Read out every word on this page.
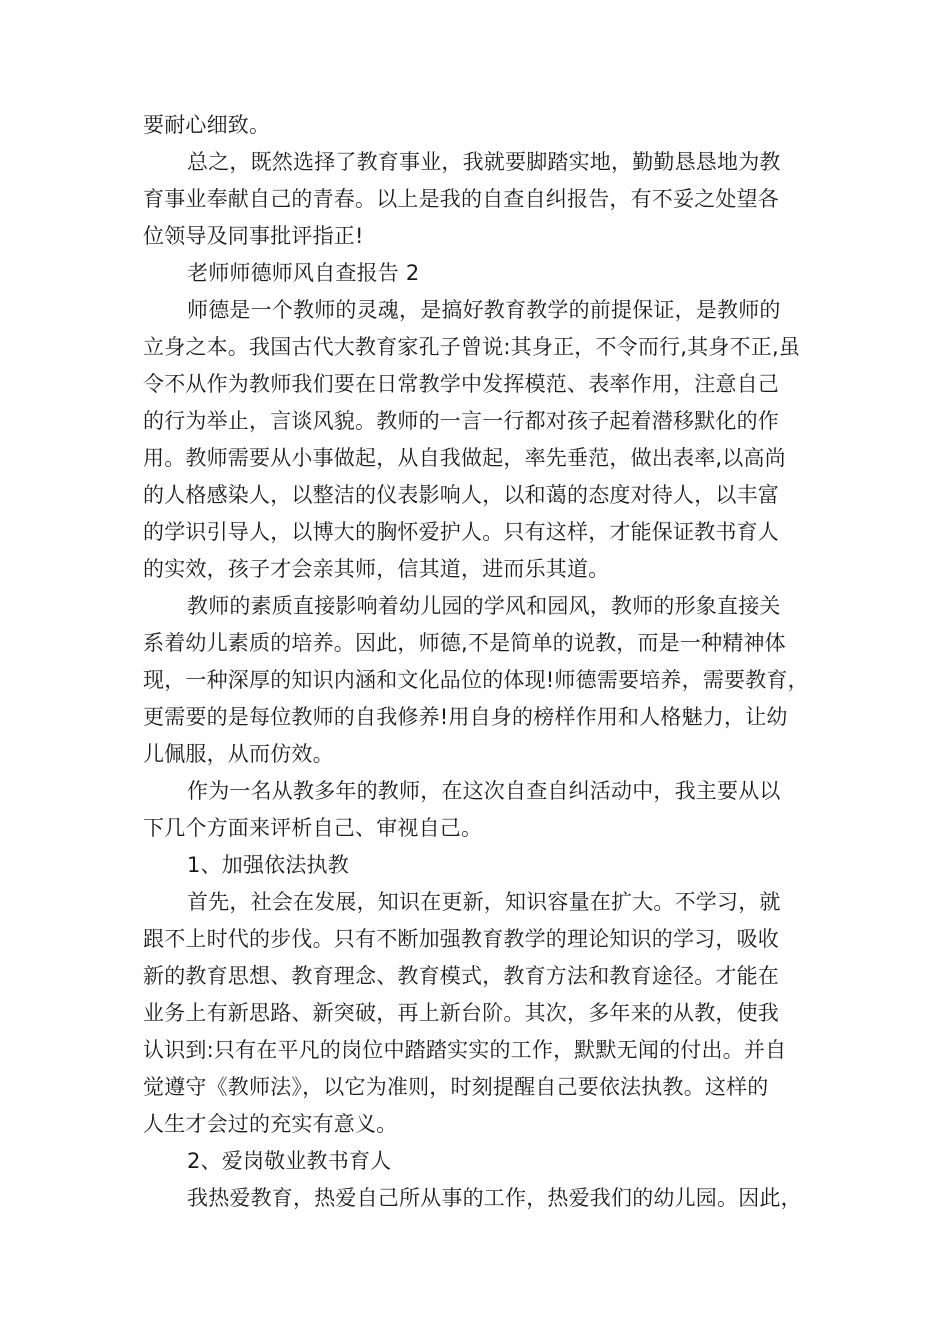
要耐心细致。
总之，既然选择了教育事业，我就要脚踏实地，勤勤恳恳地为教
育事业奉献自己的青春。以上是我的自查自纠报告，有不妥之处望各
位领导及同事批评指正!
老师师德师风自查报告 2
师德是一个教师的灵魂，是搞好教育教学的前提保证，是教师的
立身之本。我国古代大教育家孔子曾说:其身正，不令而行,其身不正,虽
令不从作为教师我们要在日常教学中发挥模范、表率作用，注意自己
的行为举止，言谈风貌。教师的一言一行都对孩子起着潜移默化的作
用。教师需要从小事做起，从自我做起，率先垂范，做出表率,以高尚
的人格感染人，以整洁的仪表影响人，以和蔼的态度对待人，以丰富
的学识引导人，以博大的胸怀爱护人。只有这样，才能保证教书育人
的实效，孩子才会亲其师，信其道，进而乐其道。
教师的素质直接影响着幼儿园的学风和园风，教师的形象直接关
系着幼儿素质的培养。因此，师德,不是简单的说教，而是一种精神体
现，一种深厚的知识内涵和文化品位的体现!师德需要培养，需要教育，
更需要的是每位教师的自我修养!用自身的榜样作用和人格魅力，让幼
儿佩服，从而仿效。
作为一名从教多年的教师，在这次自查自纠活动中，我主要从以
下几个方面来评析自己、审视自己。
1、加强依法执教
首先，社会在发展，知识在更新，知识容量在扩大。不学习，就
跟不上时代的步伐。只有不断加强教育教学的理论知识的学习，吸收
新的教育思想、教育理念、教育模式，教育方法和教育途径。才能在
业务上有新思路、新突破，再上新台阶。其次，多年来的从教，使我
认识到:只有在平凡的岗位中踏踏实实的工作，默默无闻的付出。并自
觉遵守《教师法》，以它为准则，时刻提醒自己要依法执教。这样的
人生才会过的充实有意义。
2、爱岗敬业教书育人
我热爱教育，热爱自己所从事的工作，热爱我们的幼儿园。因此，
